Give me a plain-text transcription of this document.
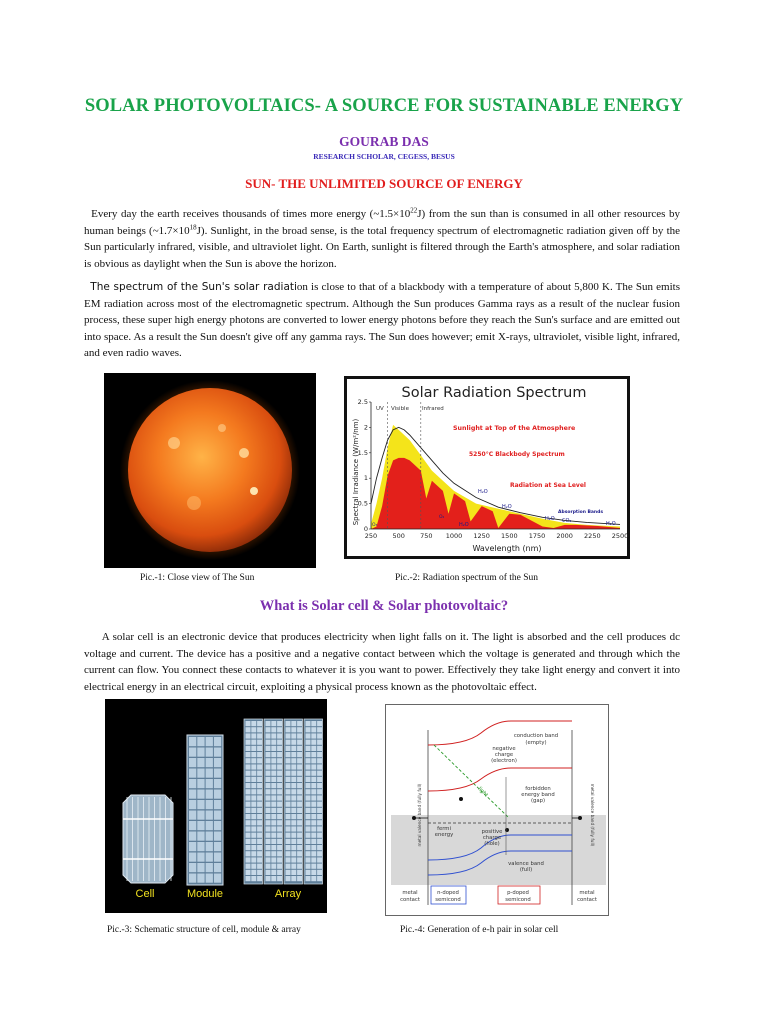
SOLAR PHOTOVOLTAICS- A SOURCE FOR SUSTAINABLE ENERGY
GOURAB DAS
RESEARCH SCHOLAR, CEGESS, BESUS
SUN- THE UNLIMITED SOURCE OF ENERGY
Every day the earth receives thousands of times more energy $(\sim 1.5\times 10^{22}J)$ from the sun than is consumed in all other resources by human beings $(\sim 1.7\times 10^{18}J)$. Sunlight, in the broad sense, is the total frequency spectrum of electromagnetic radiation given off by the Sun particularly infrared, visible, and ultraviolet light. On Earth, sunlight is filtered through the Earth's atmosphere, and solar radiation is obvious as daylight when the Sun is above the horizon.
The spectrum of the Sun's solar radiation is close to that of a blackbody with a temperature of about 5,800 K. The Sun emits EM radiation across most of the electromagnetic spectrum. Although the Sun produces Gamma rays as a result of the nuclear fusion process, these super high energy photons are converted to lower energy photons before they reach the Sun's surface and are emitted out into space. As a result the Sun doesn't give off any gamma rays. The Sun does however; emit X-rays, ultraviolet, visible light, infrared, and even radio waves.
Solar Radiation Spectrum
Spectral Irradiance (W/m²/nm)
Wavelength (nm)
250 500 750 1000 1250 1500 1750 2000 2250 2500
2.5
2
1.5
1
0.5
0
UV Visible Infrared
Sunlight at Top of the Atmosphere
5250°C Blackbody Spectrum
Radiation at Sea Level
Absorption Bands
H₂O
H₂O
H₂O
H₂O
H₂O
O₂
O₃
CO₂
Pic.-1: Close view of The Sun	Pic.-2: Radiation spectrum of the Sun
What is Solar cell & Solar photovoltaic?
A solar cell is an electronic device that produces electricity when light falls on it. The light is absorbed and the cell produces dc voltage and current. The device has a positive and a negative contact between which the voltage is generated and through which the current can flow. You connect these contacts to whatever it is you want to power. Effectively they take light energy and convert it into electrical energy in an electrical circuit, exploiting a physical process known as the photovoltaic effect.
Cell	Module	Array
conduction band
(empty)
negative
charge
(electron)
forbidden
energy band
(gap)
fermi
energy	positive
charge
(hole)
valence band
(full)
light
metal valence band (fully full)	metal valence band (fully full)
metal
contact
n-doped
semicond
p-doped
semicond
metal
contact
Pic.-3: Schematic structure of cell, module & array	Pic.-4: Generation of e-h pair in solar cell
